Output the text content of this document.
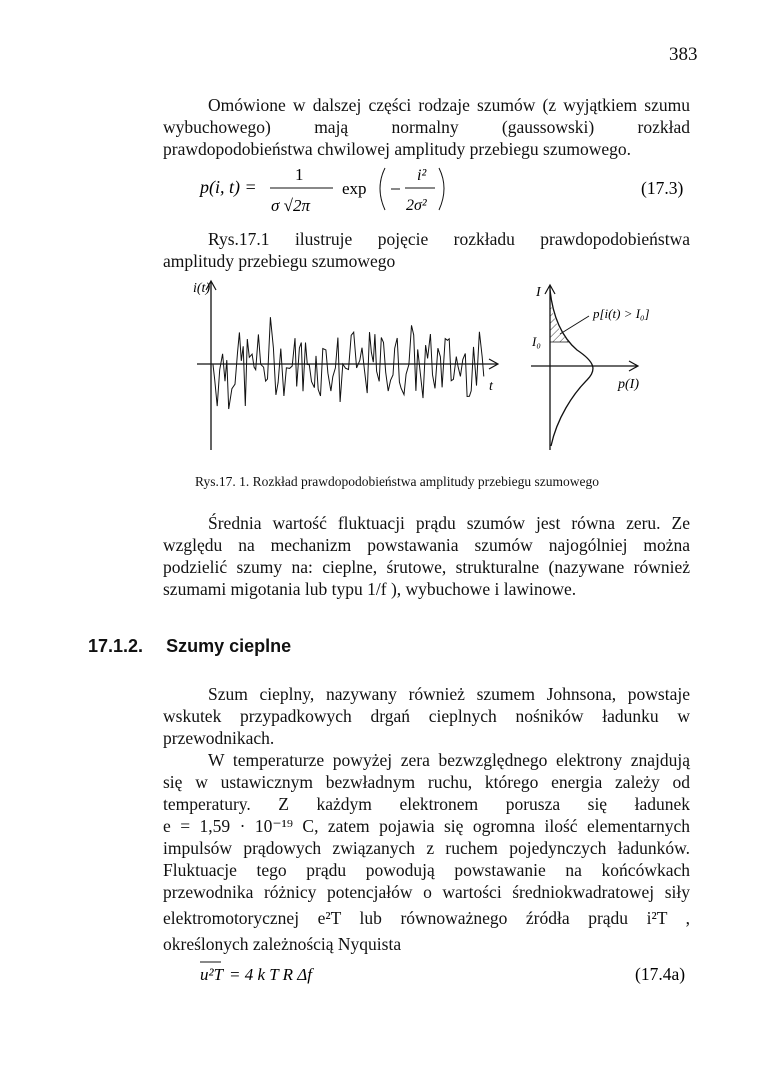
383
Omówione w dalszej części rodzaje szumów (z wyjątkiem szumu
wybuchowego) mają normalny (gaussowski) rozkład
prawdopodobieństwa chwilowej amplitudy przebiegu szumowego.
p(i, t) =
1
σ √2π
exp
i²
2σ²
(17.3)
Rys.17.1 ilustruje pojęcie rozkładu prawdopodobieństwa
amplitudy przebiegu szumowego
i(t)
t
I
p(I)
I₀
p[i(t) > I₀]
Rys.17. 1. Rozkład prawdopodobieństwa amplitudy przebiegu szumowego
Średnia wartość fluktuacji prądu szumów jest równa zeru. Ze
względu na mechanizm powstawania szumów najogólniej można
podzielić szumy na: cieplne, śrutowe, strukturalne (nazywane również
szumami migotania lub typu 1/f ), wybuchowe i lawinowe.
17.1.2. Szumy cieplne
Szum cieplny, nazywany również szumem Johnsona, powstaje
wskutek przypadkowych drgań cieplnych nośników ładunku w
przewodnikach.
W temperaturze powyżej zera bezwzględnego elektrony znajdują
się w ustawicznym bezwładnym ruchu, którego energia zależy od
temperatury. Z każdym elektronem porusza się ładunek
e = 1,59 · 10⁻¹⁹ C, zatem pojawia się ogromna ilość elementarnych
impulsów prądowych związanych z ruchem pojedynczych ładunków.
Fluktuacje tego prądu powodują powstawanie na końcówkach
przewodnika różnicy potencjałów o wartości średniokwadratowej siły
elektromotorycznej e²T lub równoważnego źródła prądu i²T ,
określonych zależnością Nyquista
u²T = 4 k T R Δf	(17.4a)
